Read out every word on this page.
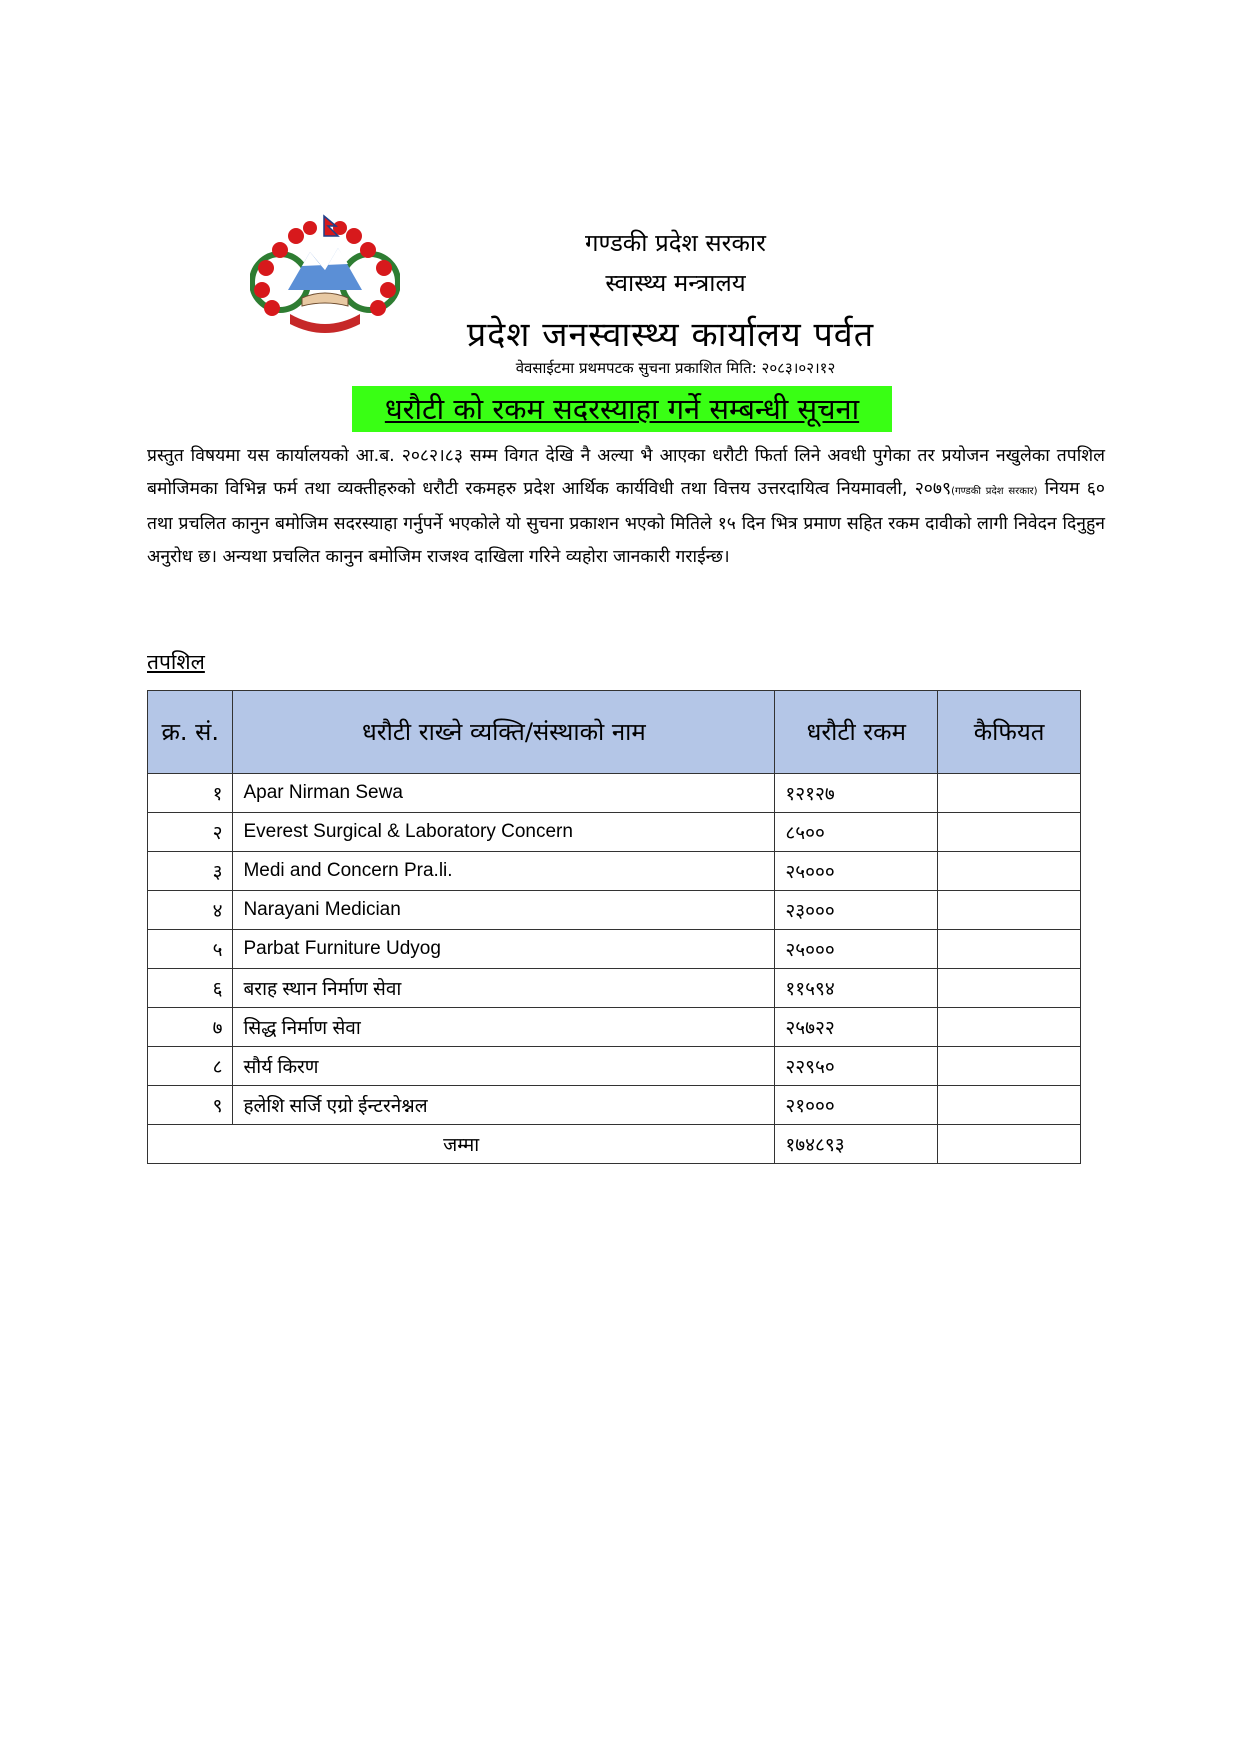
गण्डकी प्रदेश सरकार
स्वास्थ्य मन्त्रालय
प्रदेश जनस्वास्थ्य कार्यालय पर्वत
वेवसाईटमा प्रथमपटक सुचना प्रकाशित मिति: २०८३।०२।१२
धरौटी को रकम सदरस्याहा गर्ने सम्बन्धी सूचना
प्रस्तुत विषयमा यस कार्यालयको आ.ब. २०८२।८३ सम्म विगत देखि नै अल्या भै आएका धरौटी फिर्ता लिने अवधी पुगेका तर प्रयोजन नखुलेका तपशिल बमोजिमका विभिन्न फर्म तथा व्यक्तीहरुको धरौटी रकमहरु प्रदेश आर्थिक कार्यविधी तथा वित्तय उत्तरदायित्व नियमावली, २०७९(गण्डकी प्रदेश सरकार) नियम ६० तथा प्रचलित कानुन बमोजिम सदरस्याहा गर्नुपर्ने भएकोले यो सुचना प्रकाशन भएको मितिले १५ दिन भित्र प्रमाण सहित रकम दावीको लागी निवेदन दिनुहुन अनुरोध छ। अन्यथा प्रचलित कानुन बमोजिम राजश्व दाखिला गरिने व्यहोरा जानकारी गराईन्छ।
तपशिल
क्र. सं.	धरौटी राख्ने व्यक्ति/संस्थाको नाम	धरौटी रकम	कैफियत
१	Apar Nirman Sewa	१२१२७	
२	Everest Surgical & Laboratory Concern	८५००	
३	Medi and Concern Pra.li.	२५०००	
४	Narayani Medician	२३०००	
५	Parbat Furniture Udyog	२५०००	
६	बराह स्थान निर्माण सेवा	११५९४	
७	सिद्ध निर्माण सेवा	२५७२२	
८	सौर्य किरण	२२९५०	
९	हलेशि सर्जि एग्रो ईन्टरनेश्नल	२१०००	
जम्मा		१७४८९३	
